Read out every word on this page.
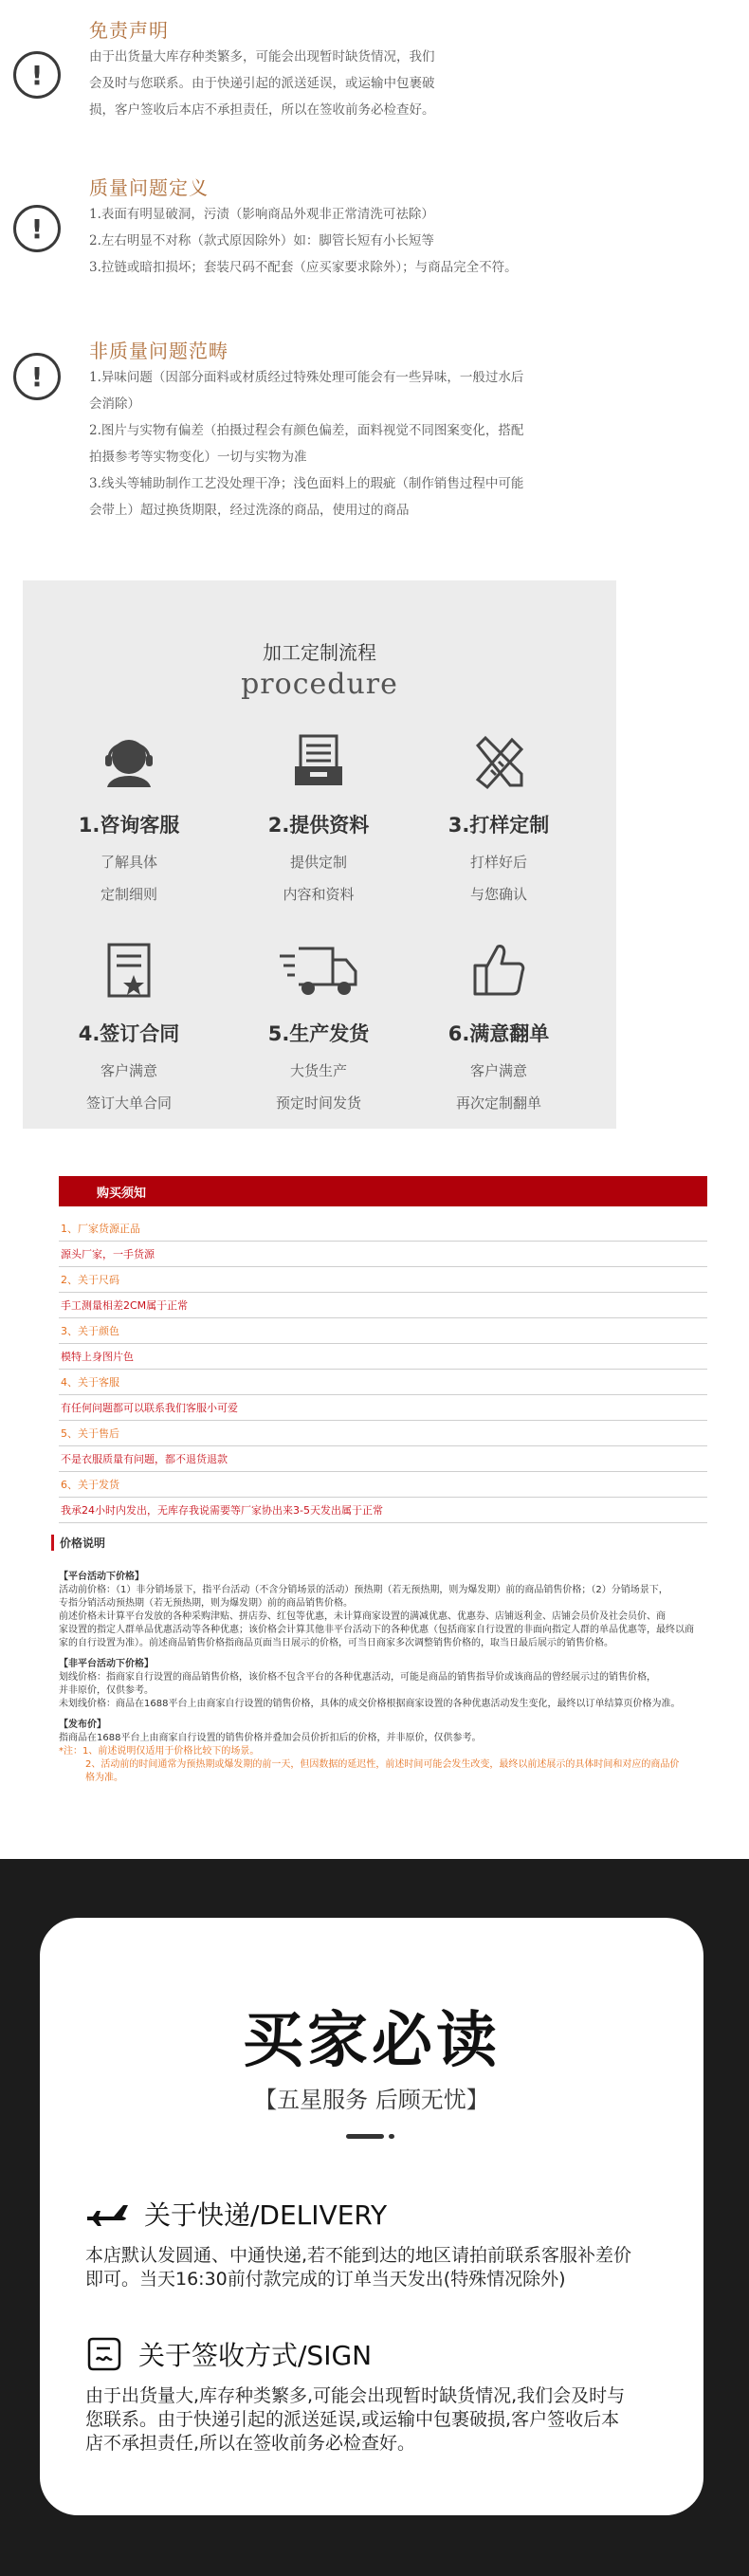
!
免责声明

由于出货量大库存种类繁多，可能会出现暂时缺货情况，我们

会及时与您联系。由于快递引起的派送延误，或运输中包裹破

损，客户签收后本店不承担责任，所以在签收前务必检查好。

!
质量问题定义

1.表面有明显破洞，污渍（影响商品外观非正常清洗可祛除）

2.左右明显不对称（款式原因除外）如：脚管长短有小长短等

3.拉链或暗扣损坏；套装尺码不配套（应买家要求除外）；与商品完全不符。

!
非质量问题范畴

1.异味问题（因部分面料或材质经过特殊处理可能会有一些异味，一般过水后

会消除）

2.图片与实物有偏差（拍摄过程会有颜色偏差，面料视觉不同图案变化，搭配

拍摄参考等实物变化）一切与实物为准

3.线头等辅助制作工艺没处理干净；浅色面料上的瑕疵（制作销售过程中可能

会带上）超过换货期限，经过洗涤的商品，使用过的商品

加工定制流程
procedure
1.咨询客服
了解具体
定制细则
2.提供资料
提供定制
内容和资料
3.打样定制
打样好后
与您确认
4.签订合同
客户满意
签订大单合同
5.生产发货
大货生产
预定时间发货
6.满意翻单
客户满意
再次定制翻单
购买须知
1、厂家货源正品
源头厂家，一手货源
2、关于尺码
手工测量相差2CM属于正常
3、关于颜色
模特上身图片色
4、关于客服
有任何问题都可以联系我们客服小可爱
5、关于售后
不是衣服质量有问题，都不退货退款
6、关于发货
我承24小时内发出，无库存我说需要等厂家协出来3-5天发出属于正常
价格说明

【平台活动下价格】

活动前价格：（1）非分销场景下，指平台活动（不含分销场景的活动）预热期（若无预热期，则为爆发期）前的商品销售价格；（2）分销场景下，

专指分销活动预热期（若无预热期，则为爆发期）前的商品销售价格。

前述价格未计算平台发放的各种采购津贴、拼店券、红包等优惠，未计算商家设置的满减优惠、优惠券、店铺返利金、店铺会员价及社会员价、商

家设置的指定人群单品优惠活动等各种优惠；该价格会计算其他非平台活动下的各种优惠（包括商家自行设置的非面向指定人群的单品优惠等，最终以商

家的自行设置为准）。前述商品销售价格指商品页面当日展示的价格，可当日商家多次调整销售价格的，取当日最后展示的销售价格。

【非平台活动下价格】

划线价格：指商家自行设置的商品销售价格，该价格不包含平台的各种优惠活动，可能是商品的销售指导价或该商品的曾经展示过的销售价格，

并非原价，仅供参考。

未划线价格：商品在1688平台上由商家自行设置的销售价格，具体的成交价格根据商家设置的各种优惠活动发生变化，最终以订单结算页价格为准。

【发布价】

指商品在1688平台上由商家自行设置的销售价格并叠加会员价折扣后的价格，并非原价，仅供参考。

*注：1、前述说明仅适用于价格比较下的场景。

2、活动前的时间通常为预热期或爆发期的前一天，但因数据的延迟性，前述时间可能会发生改变，最终以前述展示的具体时间和对应的商品价

格为准。

买家必读
【五星服务 后顾无忧】
关于快递/DELIVERY
本店默认发圆通、中通快递,若不能到达的地区请拍前联系客服补差价
即可。当天16:30前付款完成的订单当天发出(特殊情况除外)
关于签收方式/SIGN
由于出货量大,库存种类繁多,可能会出现暂时缺货情况,我们会及时与
您联系。由于快递引起的派送延误,或运输中包裹破损,客户签收后本
店不承担责任,所以在签收前务必检查好。
